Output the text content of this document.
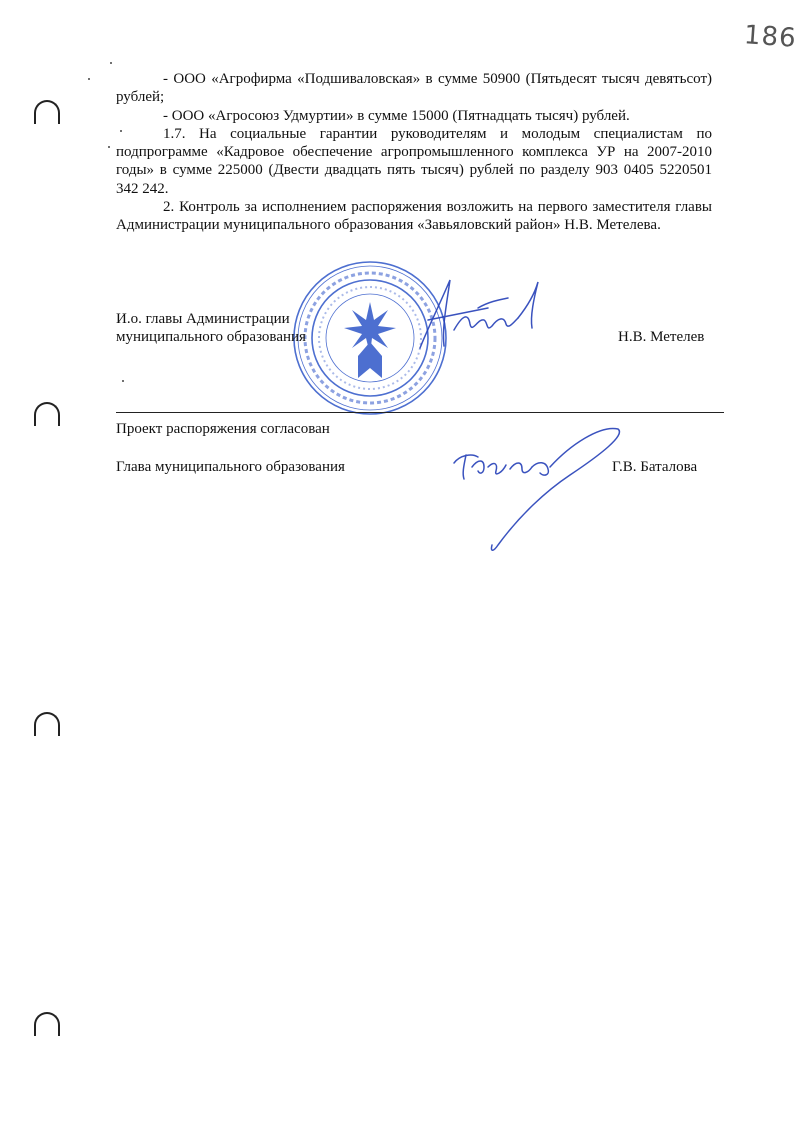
186

- ООО «Агрофирма «Подшиваловская» в сумме 50900 (Пятьдесят тысяч девятьсот) рублей;

- ООО «Агросоюз Удмуртии» в сумме 15000 (Пятнадцать тысяч) рублей.

1.7. На социальные гарантии руководителям и молодым специалистам по подпрограмме «Кадровое обеспечение агропромышленного комплекса УР на 2007-2010 годы» в сумме 225000 (Двести двадцать пять тысяч) рублей по разделу 903 0405 5220501 342 242.

2. Контроль за исполнением распоряжения возложить на первого заместителя главы Администрации муниципального образования «Завьяловский район» Н.В. Метелева.

И.о. главы Администрации
муниципального образования	Н.В. Метелев
Проект распоряжения согласован
Глава муниципального образования	Г.В. Баталова
